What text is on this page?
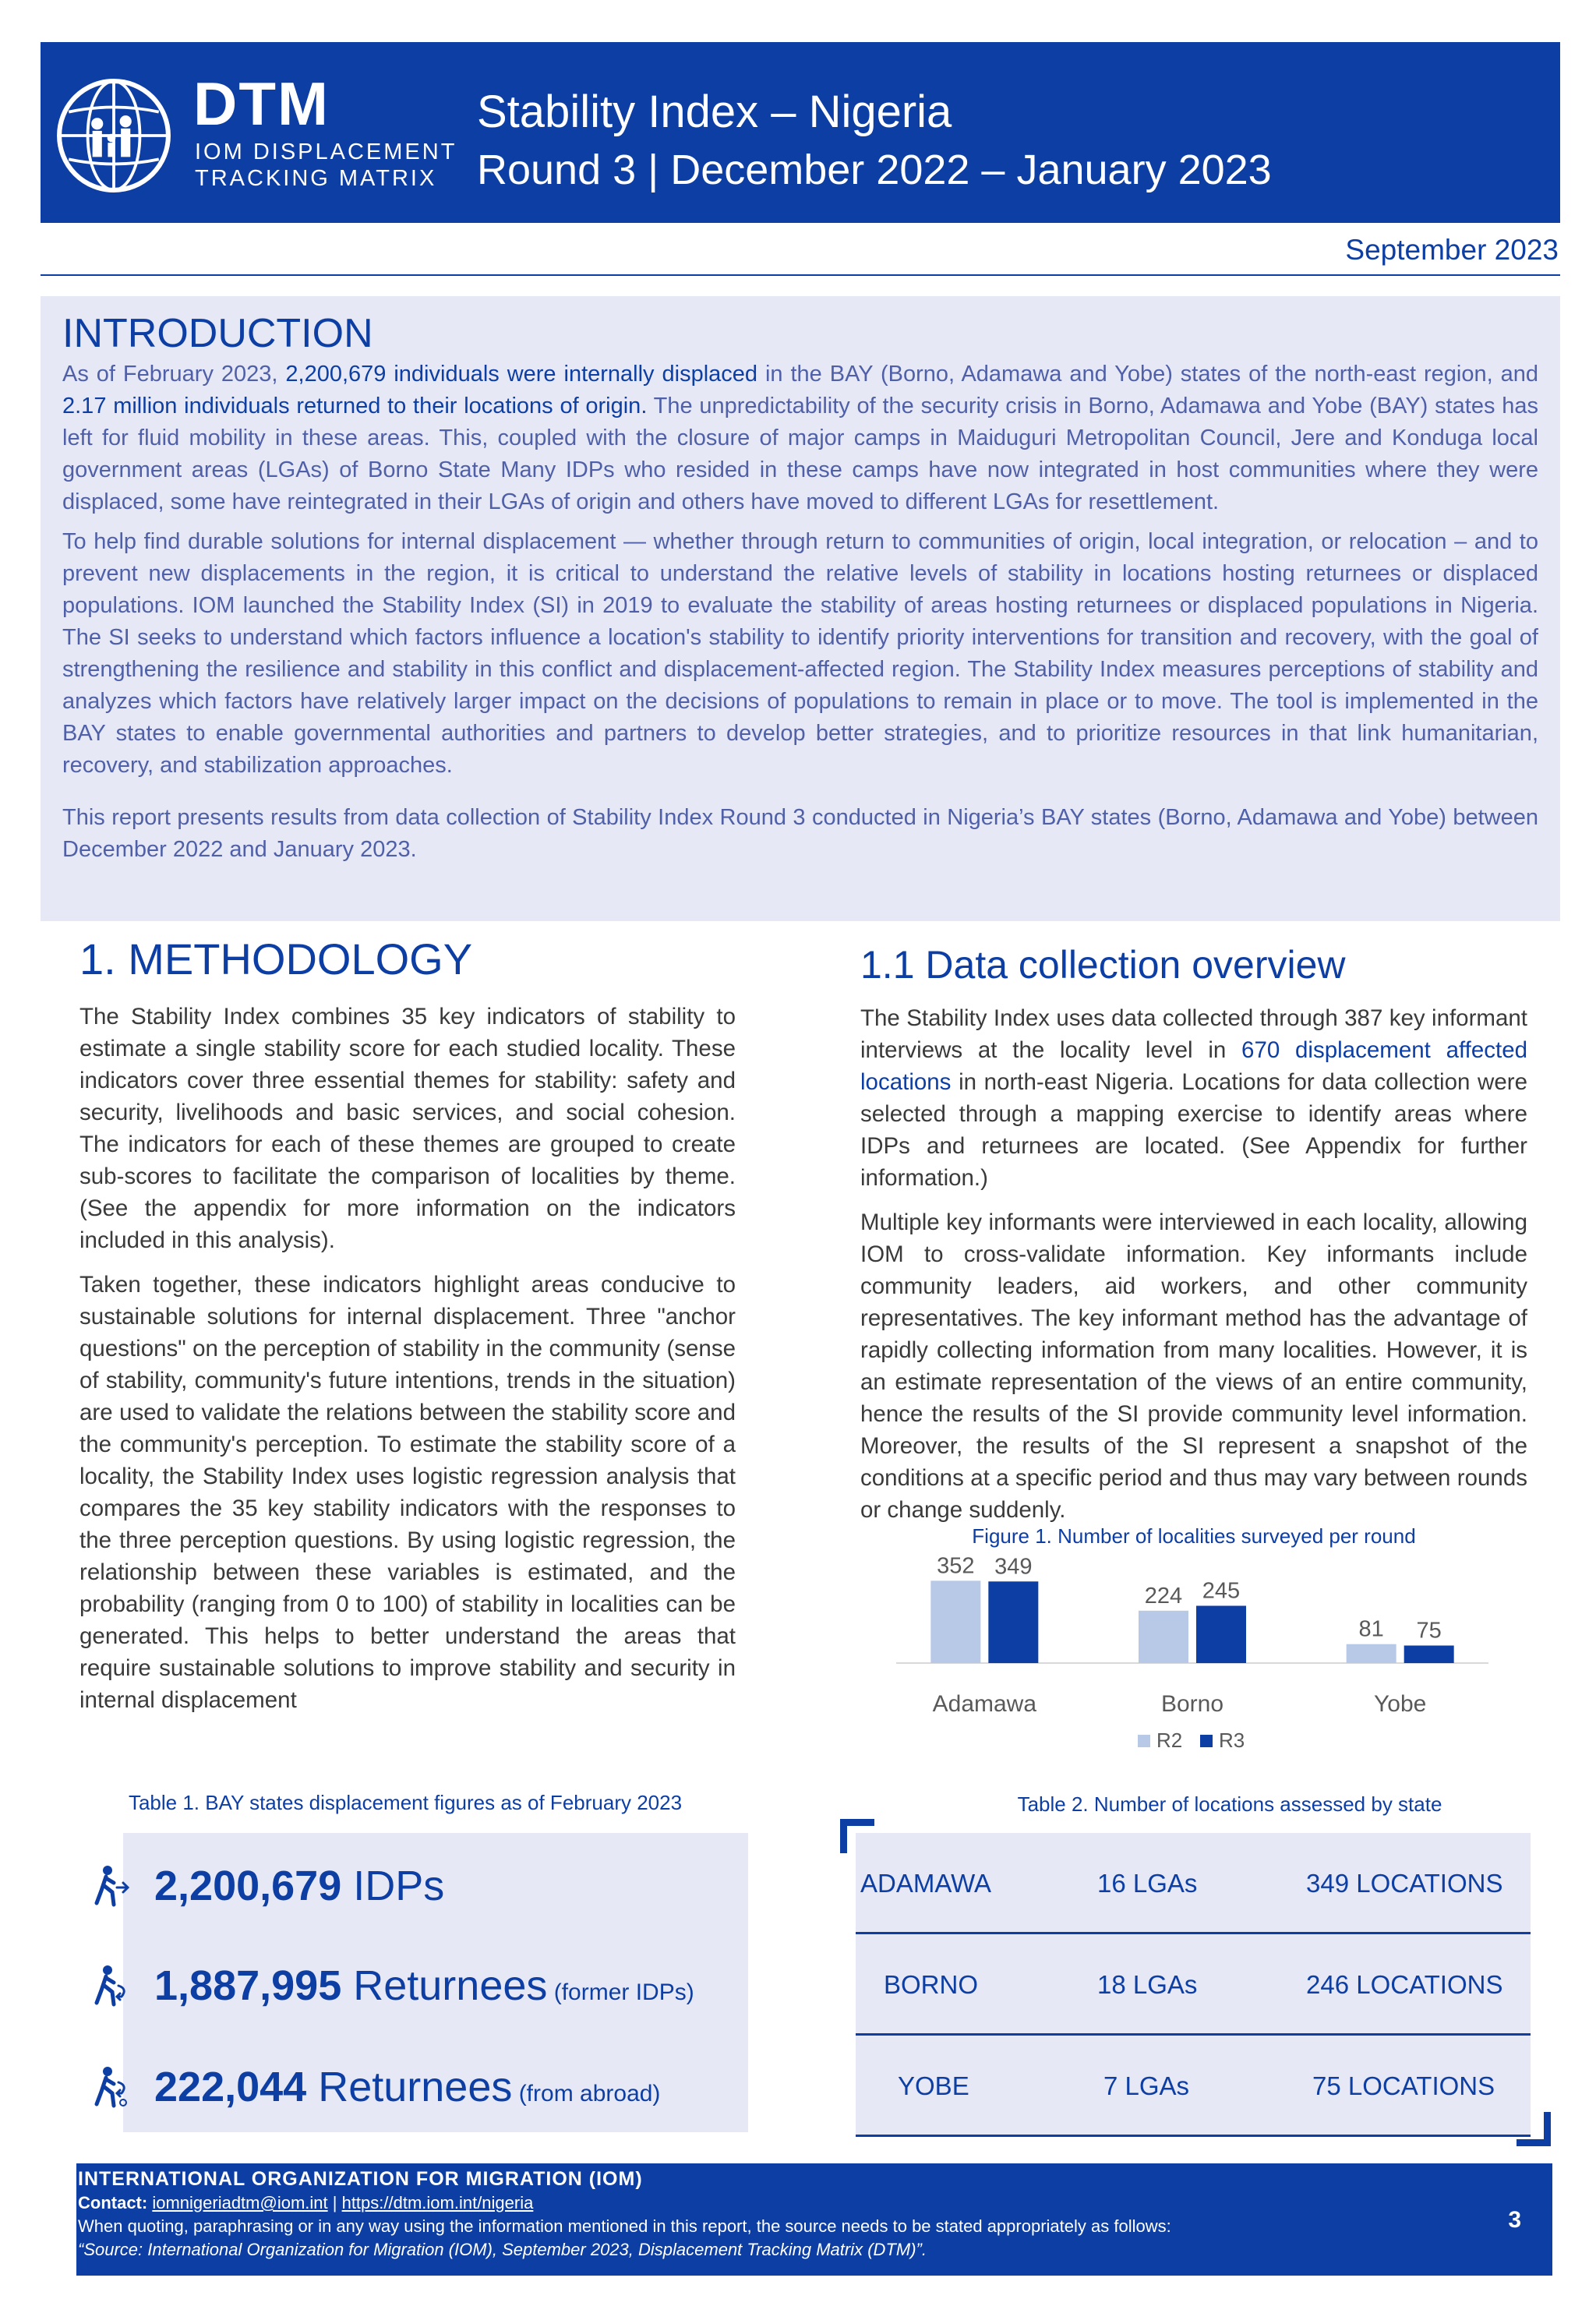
DTM
IOM DISPLACEMENT
TRACKING MATRIX
Stability Index – Nigeria
Round 3 | December 2022 – January 2023
September 2023
INTRODUCTION

As of February 2023, 2,200,679 individuals were internally displaced in the BAY (Borno, Adamawa and Yobe) states of the north-east region, and 2.17 million individuals returned to their locations of origin. The unpredictability of the security crisis in Borno, Adamawa and Yobe (BAY) states has left for fluid mobility in these areas. This, coupled with the closure of major camps in Maiduguri Metropolitan Council, Jere and Konduga local government areas (LGAs) of Borno State Many IDPs who resided in these camps have now integrated in host communities where they were displaced, some have reintegrated in their LGAs of origin and others have moved to different LGAs for resettlement.

To help find durable solutions for internal displacement — whether through return to communities of origin, local integration, or relocation – and to prevent new displacements in the region, it is critical to understand the relative levels of stability in locations hosting returnees or displaced populations. IOM launched the Stability Index (SI) in 2019 to evaluate the stability of areas hosting returnees or displaced populations in Nigeria. The SI seeks to understand which factors influence a location's stability to identify priority interventions for transition and recovery, with the goal of strengthening the resilience and stability in this conflict and displacement-affected region. The Stability Index measures perceptions of stability and analyzes which factors have relatively larger impact on the decisions of populations to remain in place or to move. The tool is implemented in the BAY states to enable governmental authorities and partners to develop better strategies, and to prioritize resources in that link humanitarian, recovery, and stabilization approaches.

This report presents results from data collection of Stability Index Round 3 conducted in Nigeria’s BAY states (Borno, Adamawa and Yobe) between December 2022 and January 2023.

1. METHODOLOGY

The Stability Index combines 35 key indicators of stability to estimate a single stability score for each studied locality. These indicators cover three essential themes for stability: safety and security, livelihoods and basic services, and social cohesion. The indicators for each of these themes are grouped to create sub-scores to facilitate the comparison of localities by theme. (See the appendix for more information on the indicators included in this analysis).

Taken together, these indicators highlight areas conducive to sustainable solutions for internal displacement. Three "anchor questions" on the perception of stability in the community (sense of stability, community's future intentions, trends in the situation) are used to validate the relations between the stability score and the community's perception. To estimate the stability score of a locality, the Stability Index uses logistic regression analysis that compares the 35 key stability indicators with the responses to the three perception questions. By using logistic regression, the relationship between these variables is estimated, and the probability (ranging from 0 to 100) of stability in localities can be generated. This helps to better understand the areas that require sustainable solutions to improve stability and security in internal displacement

1.1 Data collection overview

The Stability Index uses data collected through 387 key informant interviews at the locality level in 670 displacement affected locations in north-east Nigeria. Locations for data collection were selected through a mapping exercise to identify areas where IDPs and returnees are located. (See Appendix for further information.)

Multiple key informants were interviewed in each locality, allowing IOM to cross-validate information. Key informants include community leaders, aid workers, and other community representatives. The key informant method has the advantage of rapidly collecting information from many localities. However, it is an estimate representation of the views of an entire community, hence the results of the SI provide community level information. Moreover, the results of the SI represent a snapshot of the conditions at a specific period and thus may vary between rounds or change suddenly.

Figure 1. Number of localities surveyed per round
352 349
Adamawa
224 245
Borno
81 75
Yobe
R2 R3
Table 1. BAY states displacement figures as of February 2023
2,200,679 IDPs
1,887,995 Returnees (former IDPs)
222,044 Returnees (from abroad)
Table 2. Number of locations assessed by state
ADAMAWA	16 LGAs	349 LOCATIONS
BORNO	18 LGAs	246 LOCATIONS
YOBE	7 LGAs	75 LOCATIONS
INTERNATIONAL ORGANIZATION FOR MIGRATION (IOM)
Contact: iomnigeriadtm@iom.int | https://dtm.iom.int/nigeria
When quoting, paraphrasing or in any way using the information mentioned in this report, the source needs to be stated appropriately as follows:
“Source: International Organization for Migration (IOM), September 2023, Displacement Tracking Matrix (DTM)”.
3
